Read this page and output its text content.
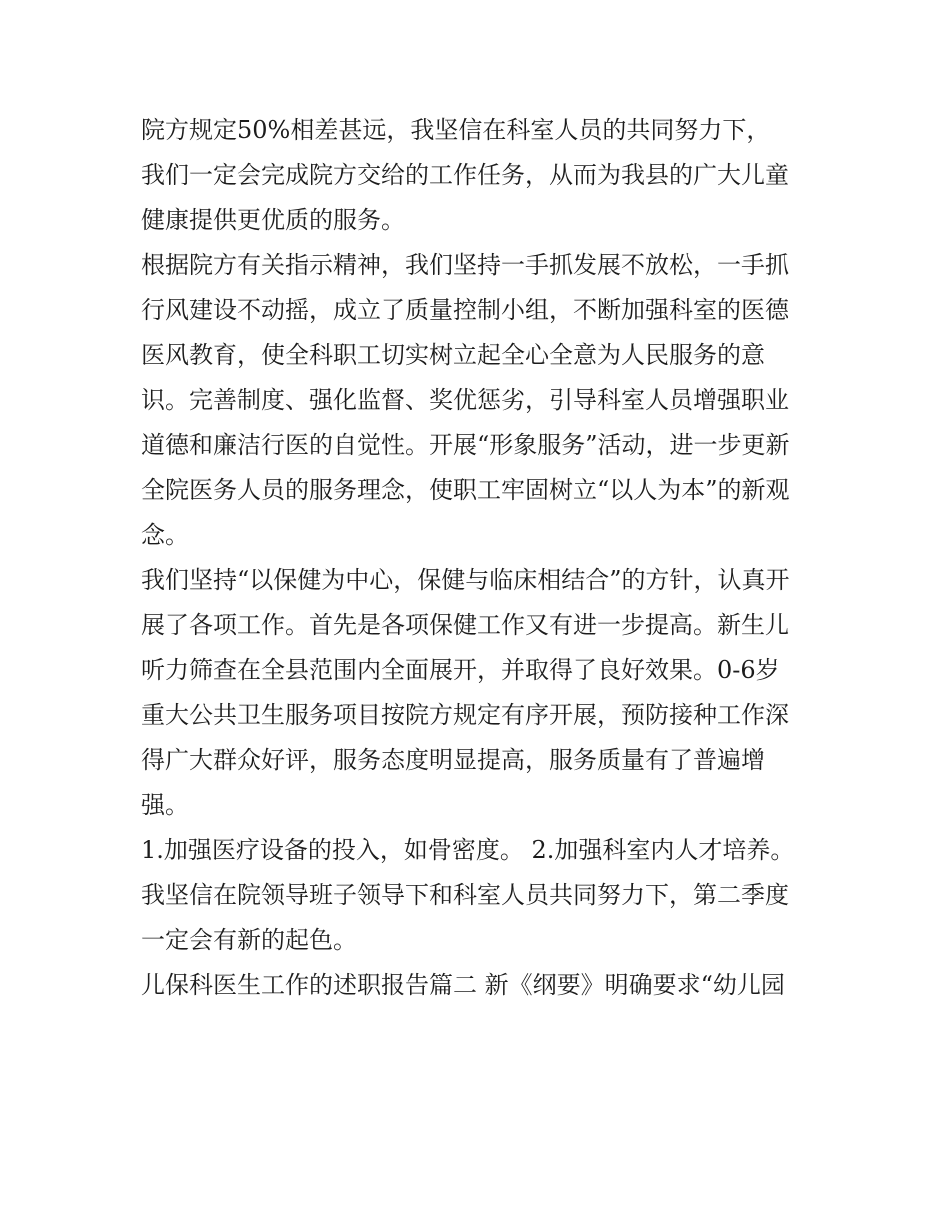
院方规定50%相差甚远，我坚信在科室人员的共同努力下，
我们一定会完成院方交给的工作任务，从而为我县的广大儿童
健康提供更优质的服务。
根据院方有关指示精神，我们坚持一手抓发展不放松，一手抓
行风建设不动摇，成立了质量控制小组，不断加强科室的医德
医风教育，使全科职工切实树立起全心全意为人民服务的意
识。完善制度、强化监督、奖优惩劣，引导科室人员增强职业
道德和廉洁行医的自觉性。开展“形象服务”活动，进一步更新
全院医务人员的服务理念，使职工牢固树立“以人为本”的新观
念。
我们坚持“以保健为中心，保健与临床相结合”的方针，认真开
展了各项工作。首先是各项保健工作又有进一步提高。新生儿
听力筛查在全县范围内全面展开，并取得了良好效果。0-6岁
重大公共卫生服务项目按院方规定有序开展，预防接种工作深
得广大群众好评，服务态度明显提高，服务质量有了普遍增
强。
1.加强医疗设备的投入，如骨密度。 2.加强科室内人才培养。
我坚信在院领导班子领导下和科室人员共同努力下，第二季度
一定会有新的起色。
儿保科医生工作的述职报告篇二 新《纲要》明确要求“幼儿园
